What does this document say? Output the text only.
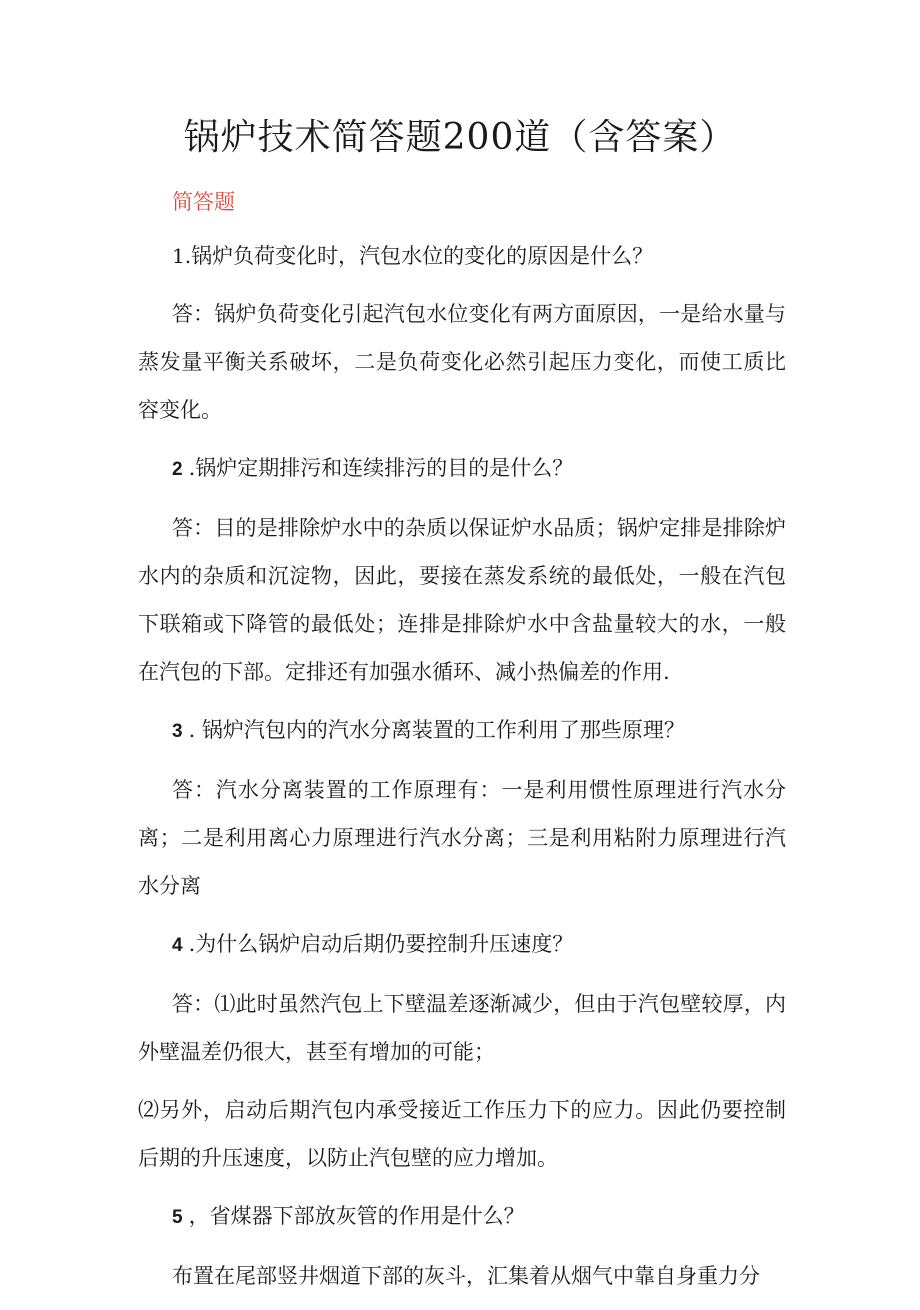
锅炉技术简答题200道（含答案）
简答题

1.锅炉负荷变化时，汽包水位的变化的原因是什么？

答：锅炉负荷变化引起汽包水位变化有两方面原因，一是给水量与蒸发量平衡关系破坏，二是负荷变化必然引起压力变化，而使工质比容变化。

2 .锅炉定期排污和连续排污的目的是什么？

答：目的是排除炉水中的杂质以保证炉水品质；锅炉定排是排除炉水内的杂质和沉淀物，因此，要接在蒸发系统的最低处，一般在汽包下联箱或下降管的最低处；连排是排除炉水中含盐量较大的水，一般在汽包的下部。定排还有加强水循环、减小热偏差的作用.

3 . 锅炉汽包内的汽水分离装置的工作利用了那些原理？

答：汽水分离装置的工作原理有：一是利用惯性原理进行汽水分离；二是利用离心力原理进行汽水分离；三是利用粘附力原理进行汽水分离

4 .为什么锅炉启动后期仍要控制升压速度？

答：⑴此时虽然汽包上下壁温差逐渐减少，但由于汽包壁较厚，内外壁温差仍很大，甚至有增加的可能；

⑵另外，启动后期汽包内承受接近工作压力下的应力。因此仍要控制后期的升压速度，以防止汽包壁的应力增加。

5 ，省煤器下部放灰管的作用是什么？

布置在尾部竖井烟道下部的灰斗，汇集着从烟气中靠自身重力分
